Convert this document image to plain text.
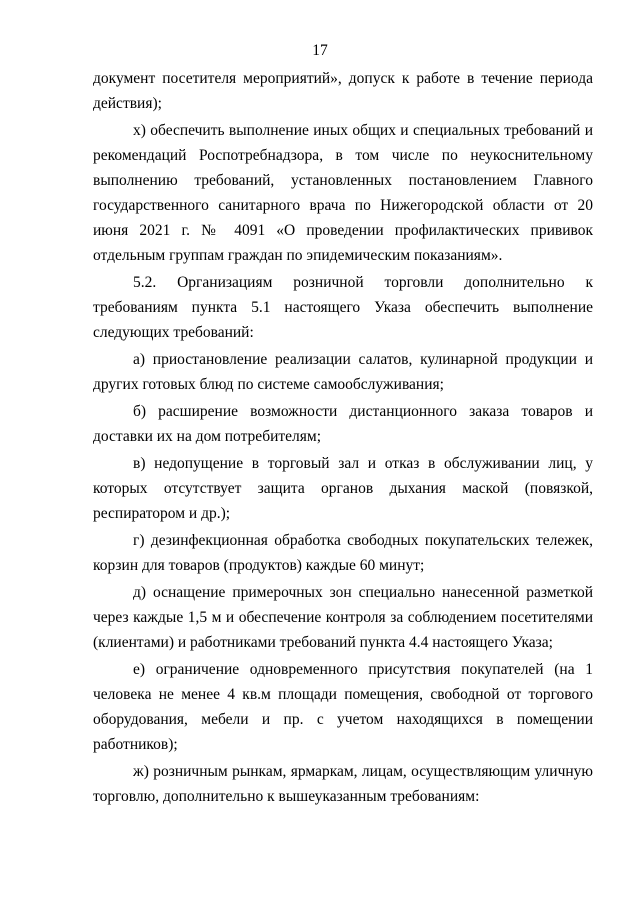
17

документ посетителя мероприятий», допуск к работе в течение периода действия);

х) обеспечить выполнение иных общих и специальных требований и рекомендаций Роспотребнадзора, в том числе по неукоснительному выполнению требований, установленных постановлением Главного государственного санитарного врача по Нижегородской области от 20 июня 2021 г. № 4091 «О проведении профилактических прививок отдельным группам граждан по эпидемическим показаниям».

5.2. Организациям розничной торговли дополнительно к требованиям пункта 5.1 настоящего Указа обеспечить выполнение следующих требований:

а) приостановление реализации салатов, кулинарной продукции и других готовых блюд по системе самообслуживания;

б) расширение возможности дистанционного заказа товаров и доставки их на дом потребителям;

в) недопущение в торговый зал и отказ в обслуживании лиц, у которых отсутствует защита органов дыхания маской (повязкой, респиратором и др.);

г) дезинфекционная обработка свободных покупательских тележек, корзин для товаров (продуктов) каждые 60 минут;

д) оснащение примерочных зон специально нанесенной разметкой через каждые 1,5 м и обеспечение контроля за соблюдением посетителями (клиентами) и работниками требований пункта 4.4 настоящего Указа;

е) ограничение одновременного присутствия покупателей (на 1 человека не менее 4 кв.м площади помещения, свободной от торгового оборудования, мебели и пр. с учетом находящихся в помещении работников);

ж) розничным рынкам, ярмаркам, лицам, осуществляющим уличную торговлю, дополнительно к вышеуказанным требованиям:
